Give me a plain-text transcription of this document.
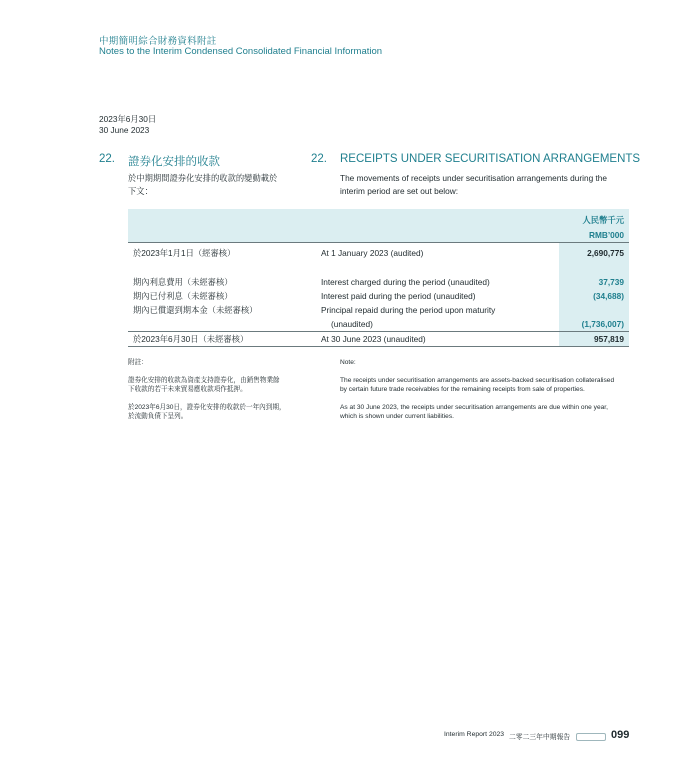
中期簡明綜合財務資料附註
Notes to the Interim Condensed Consolidated Financial Information
2023年6月30日
30 June 2023
22. 證券化安排的收款	22. RECEIPTS UNDER SECURITISATION ARRANGEMENTS
於中期期間證券化安排的收款的變動載於
下文：
The movements of receipts under securitisation arrangements during the
interim period are set out below:
		人民幣千元
		RMB’000
於2023年1月1日（經審核）	At 1 January 2023 (audited)	2,690,775

期內利息費用（未經審核）	Interest charged during the period (unaudited)	37,739
期內已付利息（未經審核）	Interest paid during the period (unaudited)	(34,688)
期內已償還到期本金（未經審核）	Principal repaid during the period upon maturity	
	(unaudited)	(1,736,007)
於2023年6月30日（未經審核）	At 30 June 2023 (unaudited)	957,819
附註：	Note:
證券化安排的收款為資產支持證券化，由銷售物業餘
下收款的若干未來貿易應收款項作抵押。
The receipts under securitisation arrangements are assets-backed securitisation collateralised
by certain future trade receivables for the remaining receipts from sale of properties.
於2023年6月30日，證券化安排的收款於一年內到期，
於流動負債下呈列。
As at 30 June 2023, the receipts under securitisation arrangements are due within one year,
which is shown under current liabilities.
Interim Report 2023 二零二三年中期報告	099
